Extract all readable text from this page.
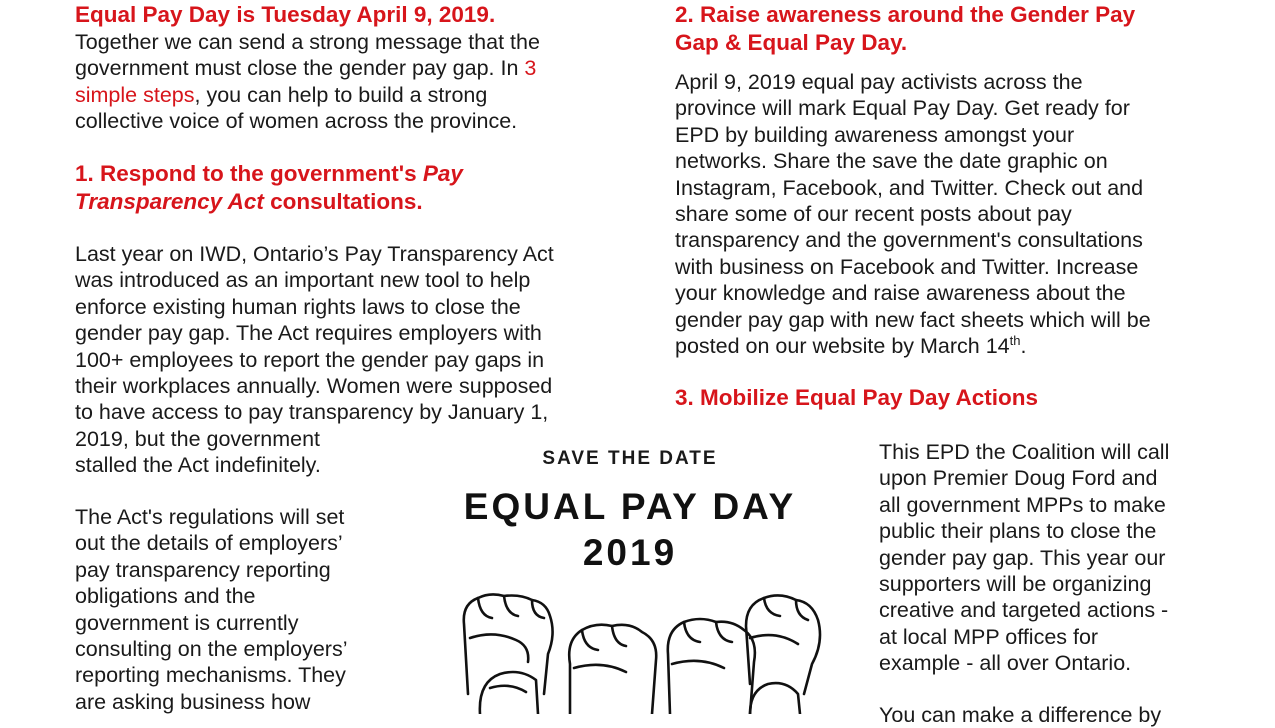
Equal Pay Day is Tuesday April 9, 2019.
Together we can send a strong message that the
government must close the gender pay gap. In 3
simple steps, you can help to build a strong
collective voice of women across the province.
1. Respond to the government's Pay
Transparency Act consultations.
Last year on IWD, Ontario’s Pay Transparency Act
was introduced as an important new tool to help
enforce existing human rights laws to close the
gender pay gap. The Act requires employers with
100+ employees to report the gender pay gaps in
their workplaces annually. Women were supposed
to have access to pay transparency by January 1,
2019, but the government
stalled the Act indefinitely.
The Act's regulations will set
out the details of employers’
pay transparency reporting
obligations and the
government is currently
consulting on the employers’
reporting mechanisms. They
are asking business how
2. Raise awareness around the Gender Pay
Gap & Equal Pay Day.
April 9, 2019 equal pay activists across the
province will mark Equal Pay Day. Get ready for
EPD by building awareness amongst your
networks. Share the save the date graphic on
Instagram, Facebook, and Twitter. Check out and
share some of our recent posts about pay
transparency and the government's consultations
with business on Facebook and Twitter. Increase
your knowledge and raise awareness about the
gender pay gap with new fact sheets which will be
posted on our website by March 14th.
3. Mobilize Equal Pay Day Actions
This EPD the Coalition will call
upon Premier Doug Ford and
all government MPPs to make
public their plans to close the
gender pay gap. This year our
supporters will be organizing
creative and targeted actions -
at local MPP offices for
example - all over Ontario.
You can make a difference by
SAVE THE DATE
EQUAL PAY DAY
2019
